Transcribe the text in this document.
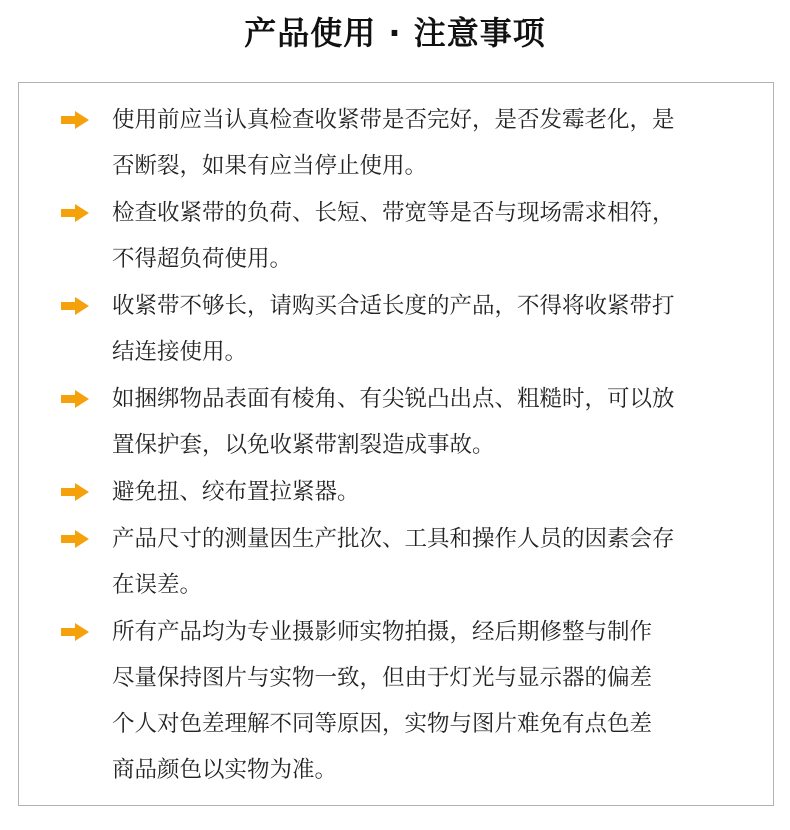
产品使用 · 注意事项
使用前应当认真检查收紧带是否完好，是否发霉老化，是
否断裂，如果有应当停止使用。
检查收紧带的负荷、长短、带宽等是否与现场需求相符，
不得超负荷使用。
收紧带不够长，请购买合适长度的产品，不得将收紧带打
结连接使用。
如捆绑物品表面有棱角、有尖锐凸出点、粗糙时，可以放
置保护套，以免收紧带割裂造成事故。
避免扭、绞布置拉紧器。
产品尺寸的测量因生产批次、工具和操作人员的因素会存
在误差。
所有产品均为专业摄影师实物拍摄，经后期修整与制作
尽量保持图片与实物一致，但由于灯光与显示器的偏差
个人对色差理解不同等原因，实物与图片难免有点色差
商品颜色以实物为准。
